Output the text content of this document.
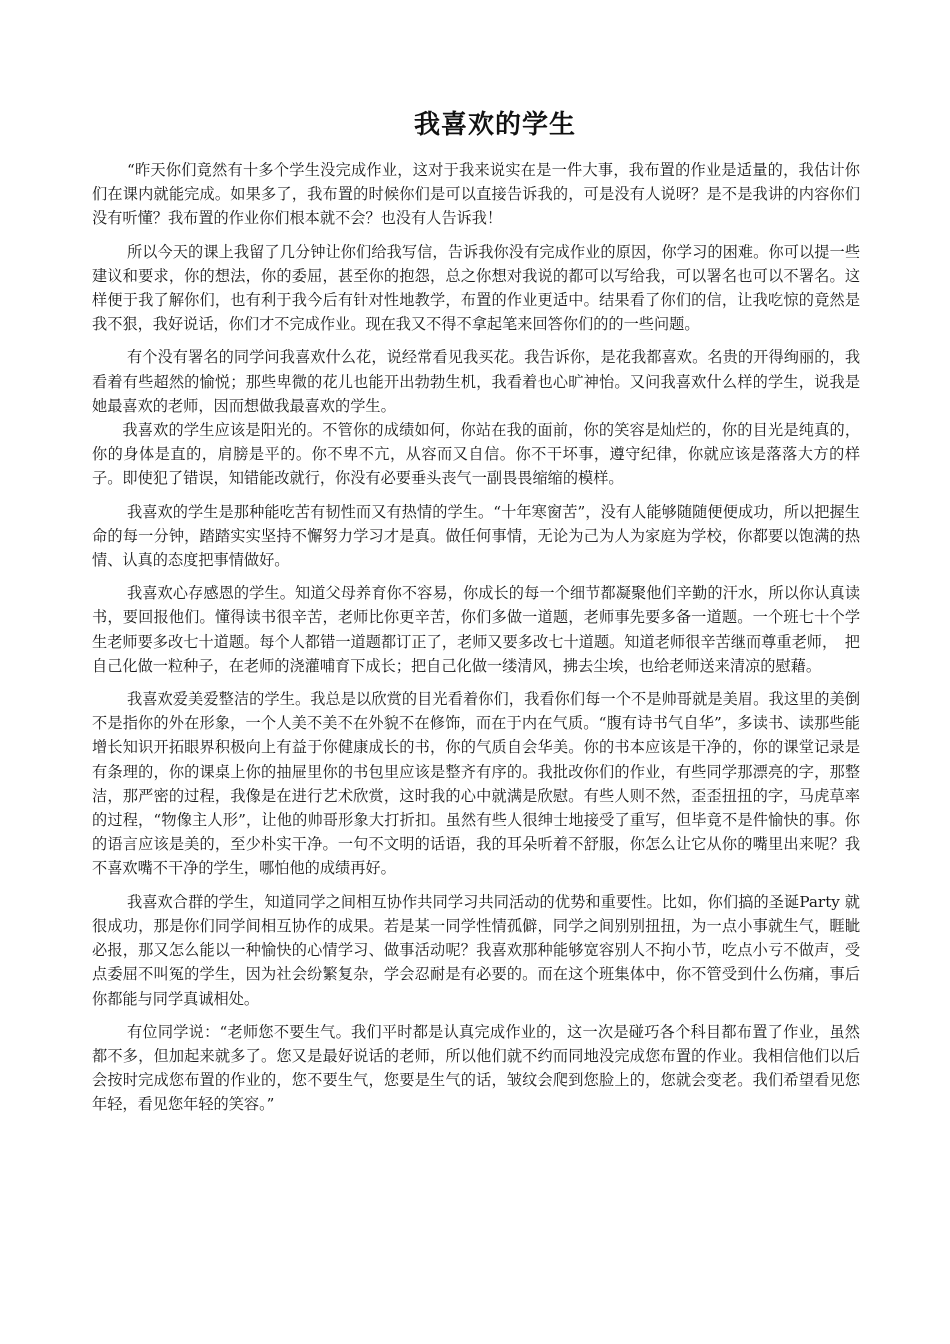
我喜欢的学生

“昨天你们竟然有十多个学生没完成作业，这对于我来说实在是一件大事，我布置的作业是适量的，我估计你们在课内就能完成。如果多了，我布置的时候你们是可以直接告诉我的，可是没有人说呀？是不是我讲的内容你们没有听懂？我布置的作业你们根本就不会？也没有人告诉我！

所以今天的课上我留了几分钟让你们给我写信，告诉我你没有完成作业的原因，你学习的困难。你可以提一些建议和要求，你的想法，你的委屈，甚至你的抱怨，总之你想对我说的都可以写给我，可以署名也可以不署名。这样便于我了解你们，也有利于我今后有针对性地教学，布置的作业更适中。结果看了你们的信，让我吃惊的竟然是我不狠，我好说话，你们才不完成作业。现在我又不得不拿起笔来回答你们的的一些问题。

有个没有署名的同学问我喜欢什么花，说经常看见我买花。我告诉你，是花我都喜欢。名贵的开得绚丽的，我看着有些超然的愉悦；那些卑微的花儿也能开出勃勃生机，我看着也心旷神怡。又问我喜欢什么样的学生，说我是她最喜欢的老师，因而想做我最喜欢的学生。

我喜欢的学生应该是阳光的。不管你的成绩如何，你站在我的面前，你的笑容是灿烂的，你的目光是纯真的，你的身体是直的，肩膀是平的。你不卑不亢，从容而又自信。你不干坏事，遵守纪律，你就应该是落落大方的样子。即使犯了错误，知错能改就行，你没有必要垂头丧气一副畏畏缩缩的模样。

我喜欢的学生是那种能吃苦有韧性而又有热情的学生。“十年寒窗苦”，没有人能够随随便便成功，所以把握生命的每一分钟，踏踏实实坚持不懈努力学习才是真。做任何事情，无论为己为人为家庭为学校，你都要以饱满的热情、认真的态度把事情做好。

我喜欢心存感恩的学生。知道父母养育你不容易，你成长的每一个细节都凝聚他们辛勤的汗水，所以你认真读书，要回报他们。懂得读书很辛苦，老师比你更辛苦，你们多做一道题，老师事先要多备一道题。一个班七十个学生老师要多改七十道题。每个人都错一道题都订正了，老师又要多改七十道题。知道老师很辛苦继而尊重老师，　把自己化做一粒种子，在老师的浇灌哺育下成长；把自己化做一缕清风，拂去尘埃，也给老师送来清凉的慰藉。

我喜欢爱美爱整洁的学生。我总是以欣赏的目光看着你们，我看你们每一个不是帅哥就是美眉。我这里的美倒不是指你的外在形象，一个人美不美不在外貌不在修饰，而在于内在气质。“腹有诗书气自华”，多读书、读那些能增长知识开拓眼界积极向上有益于你健康成长的书，你的气质自会华美。你的书本应该是干净的，你的课堂记录是有条理的，你的课桌上你的抽屉里你的书包里应该是整齐有序的。我批改你们的作业，有些同学那漂亮的字，那整洁，那严密的过程，我像是在进行艺术欣赏，这时我的心中就满是欣慰。有些人则不然，歪歪扭扭的字，马虎草率的过程，“物像主人形”，让他的帅哥形象大打折扣。虽然有些人很绅士地接受了重写，但毕竟不是件愉快的事。你的语言应该是美的，至少朴实干净。一句不文明的话语，我的耳朵听着不舒服，你怎么让它从你的嘴里出来呢？我不喜欢嘴不干净的学生，哪怕他的成绩再好。

我喜欢合群的学生，知道同学之间相互协作共同学习共同活动的优势和重要性。比如，你们搞的圣诞Party 就很成功，那是你们同学间相互协作的成果。若是某一同学性情孤僻，同学之间别别扭扭，为一点小事就生气，睚眦必报，那又怎么能以一种愉快的心情学习、做事活动呢？我喜欢那种能够宽容别人不拘小节，吃点小亏不做声，受点委屈不叫冤的学生，因为社会纷繁复杂，学会忍耐是有必要的。而在这个班集体中，你不管受到什么伤痛，事后你都能与同学真诚相处。

有位同学说：“老师您不要生气。我们平时都是认真完成作业的，这一次是碰巧各个科目都布置了作业，虽然都不多，但加起来就多了。您又是最好说话的老师，所以他们就不约而同地没完成您布置的作业。我相信他们以后会按时完成您布置的作业的，您不要生气，您要是生气的话，皱纹会爬到您脸上的，您就会变老。我们希望看见您年轻，看见您年轻的笑容。”
